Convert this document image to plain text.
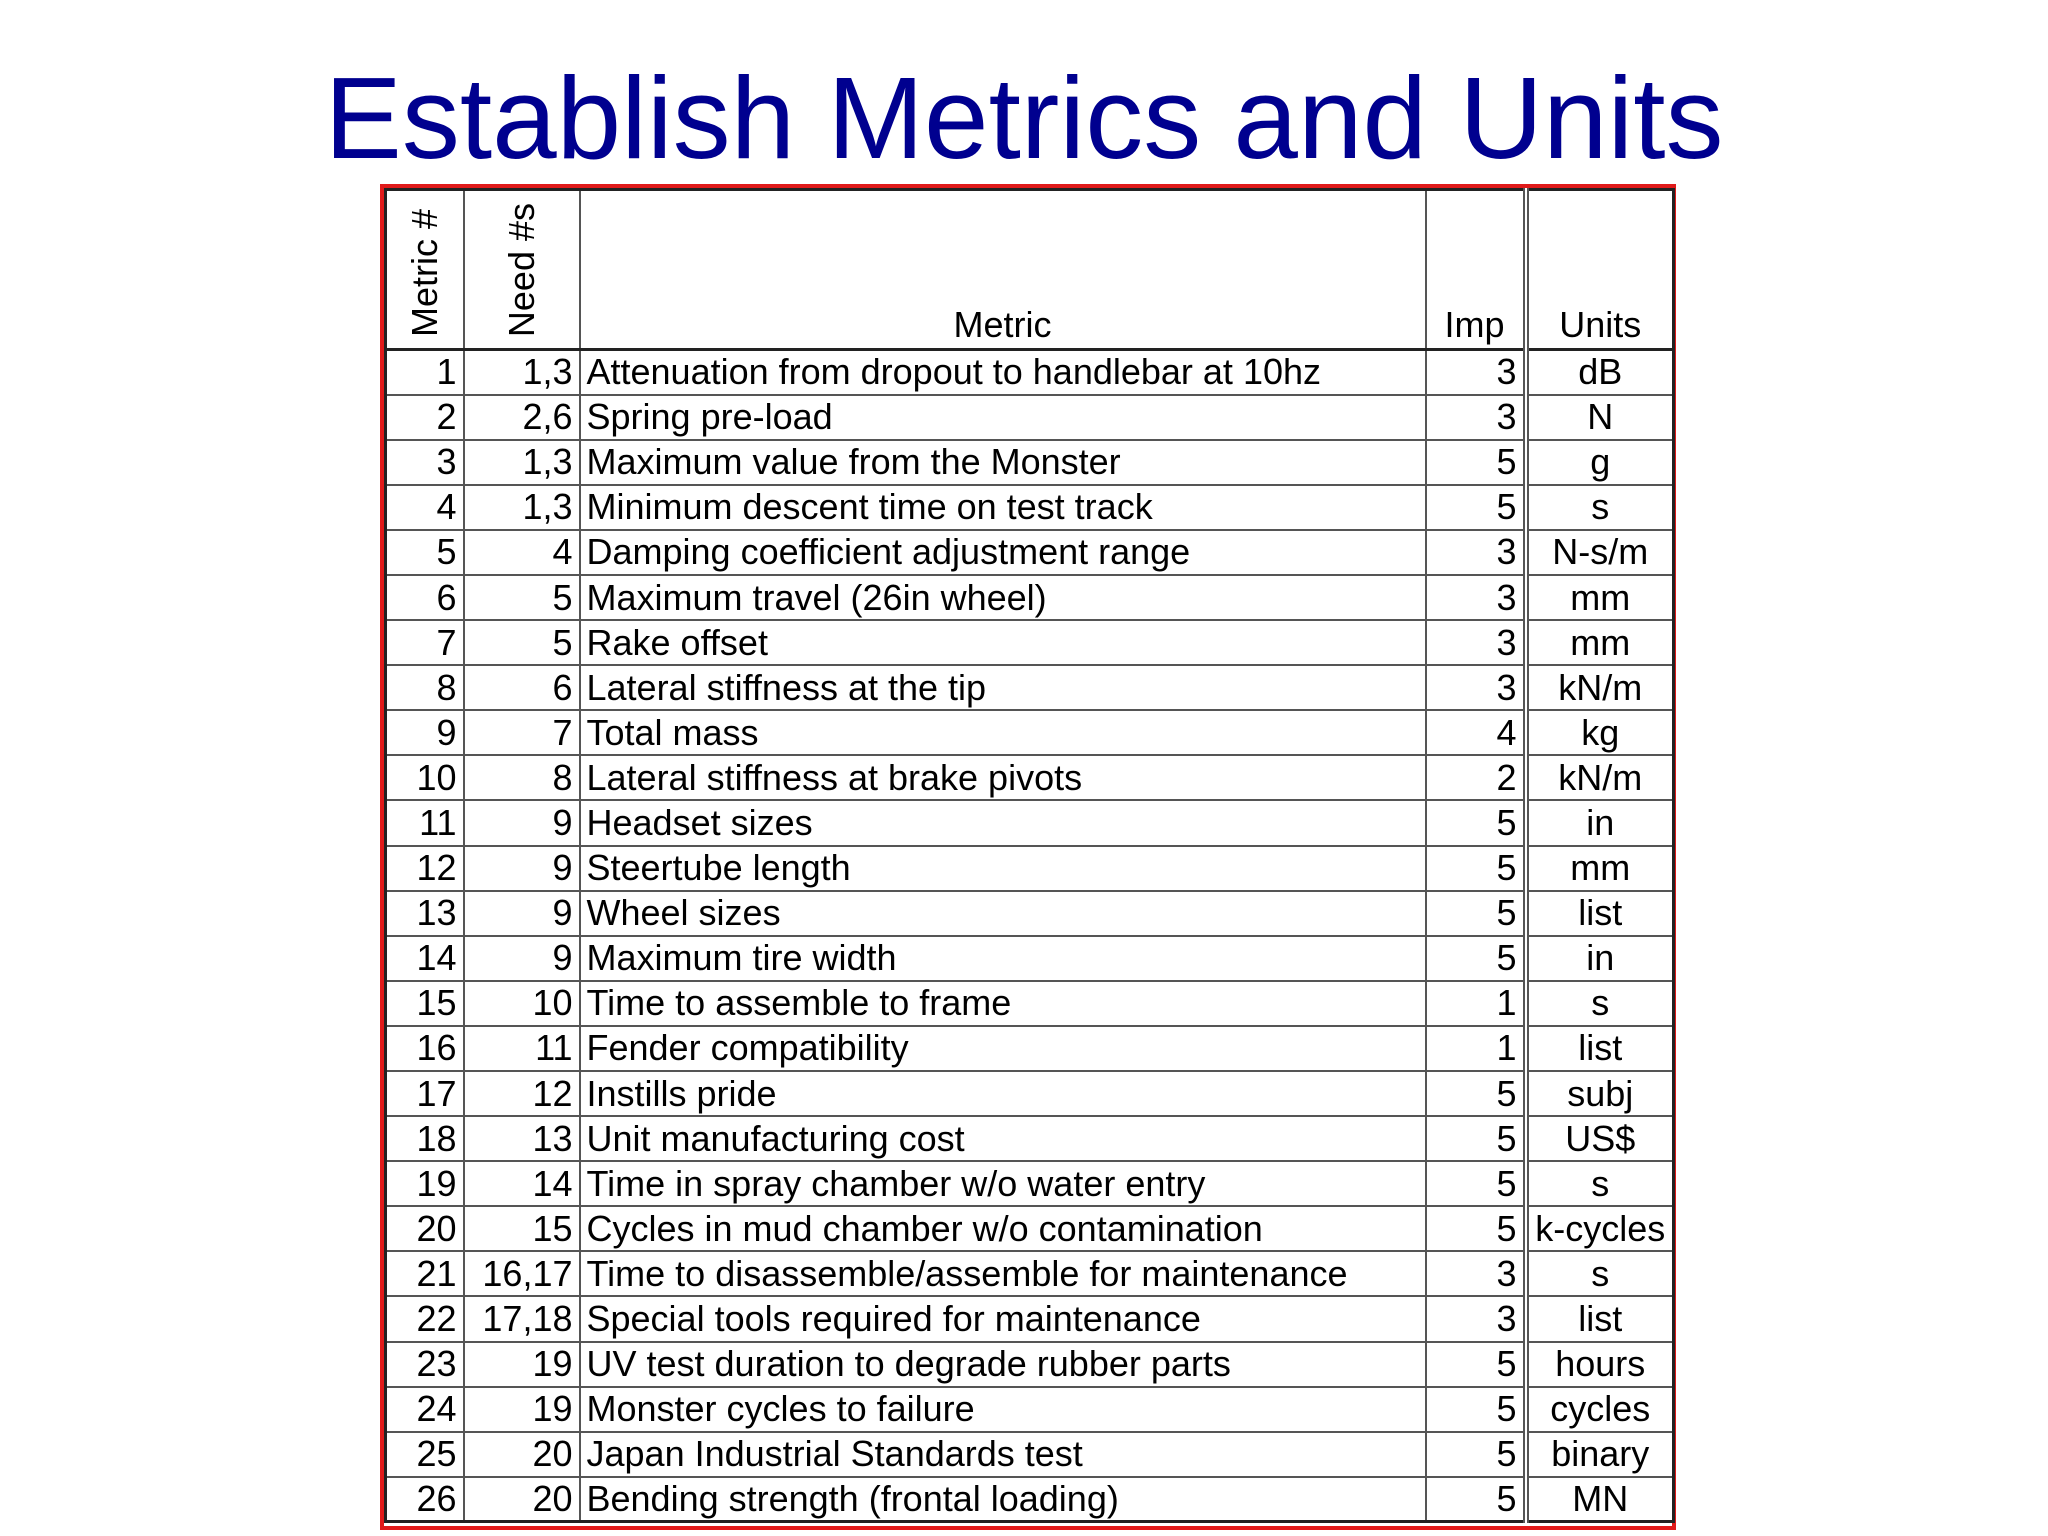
Establish Metrics and Units
Metric #	Need #s	Metric	Imp	Units
1	1,3	Attenuation from dropout to handlebar at 10hz	3	dB
2	2,6	Spring pre-load	3	N
3	1,3	Maximum value from the Monster	5	g
4	1,3	Minimum descent time on test track	5	s
5	4	Damping coefficient adjustment range	3	N-s/m
6	5	Maximum travel (26in wheel)	3	mm
7	5	Rake offset	3	mm
8	6	Lateral stiffness at the tip	3	kN/m
9	7	Total mass	4	kg
10	8	Lateral stiffness at brake pivots	2	kN/m
11	9	Headset sizes	5	in
12	9	Steertube length	5	mm
13	9	Wheel sizes	5	list
14	9	Maximum tire width	5	in
15	10	Time to assemble to frame	1	s
16	11	Fender compatibility	1	list
17	12	Instills pride	5	subj
18	13	Unit manufacturing cost	5	US$
19	14	Time in spray chamber w/o water entry	5	s
20	15	Cycles in mud chamber w/o contamination	5	k-cycles
21	16,17	Time to disassemble/assemble for maintenance	3	s
22	17,18	Special tools required for maintenance	3	list
23	19	UV test duration to degrade rubber parts	5	hours
24	19	Monster cycles to failure	5	cycles
25	20	Japan Industrial Standards test	5	binary
26	20	Bending strength (frontal loading)	5	MN
